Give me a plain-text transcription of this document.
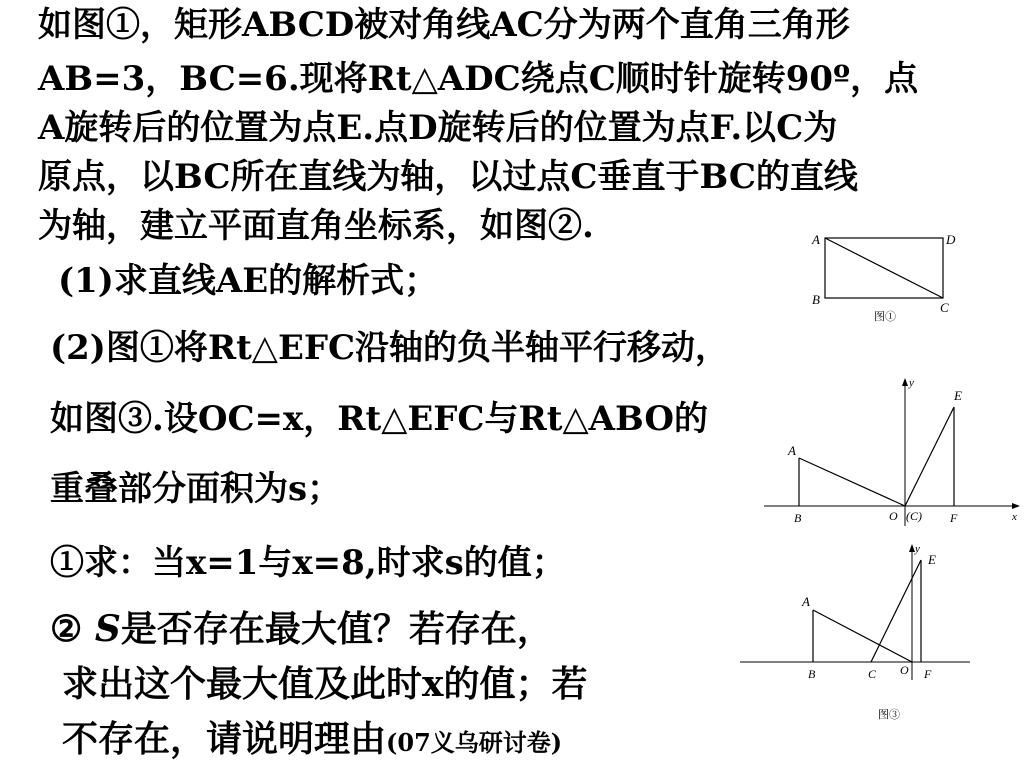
如图①，矩形ABCD被对角线AC分为两个直角三角形
AB=3，BC=6.现将Rt△ADC绕点C顺时针旋转90º，点
A旋转后的位置为点E.点D旋转后的位置为点F.以C为
原点，以BC所在直线为轴，以过点C垂直于BC的直线
为轴，建立平面直角坐标系，如图②.
(1)求直线AE的解析式；
(2)图①将Rt△EFC沿轴的负半轴平行移动，
如图③.设OC=x，Rt△EFC与Rt△ABO的
重叠部分面积为s；
①求：当x=1与x=8,时求s的值；
② S是否存在最大值？若存在，
求出这个最大值及此时x的值；若
不存在，请说明理由(07义乌研讨卷)
A	D
B
C
图①
y
x
A
B
E
F
O (C)
y
A
B	C O F
E
图③
